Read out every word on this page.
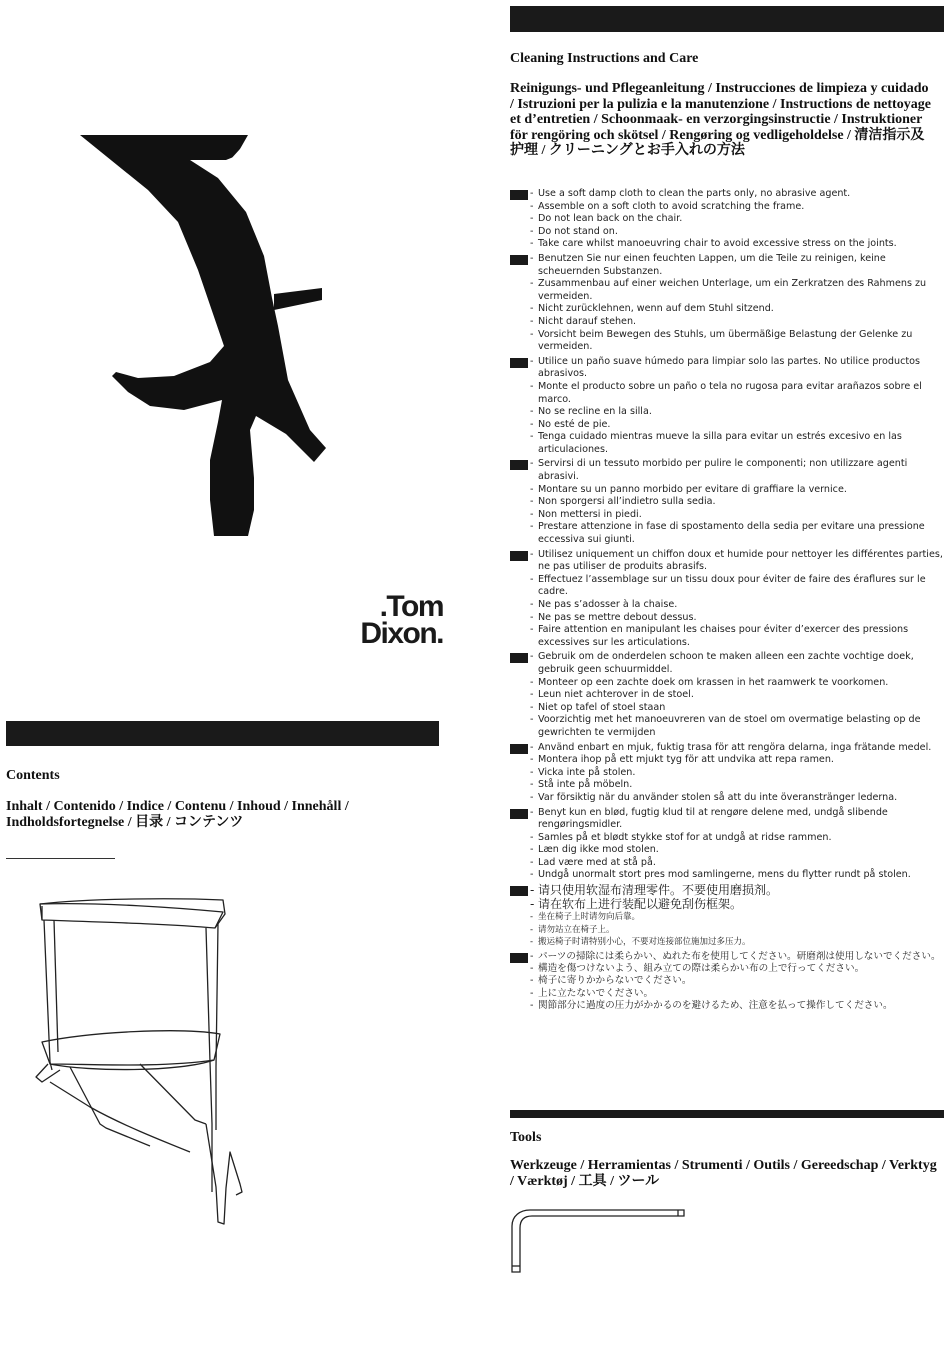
.Tom
Dixon.
Contents
Inhalt / Contenido / Indice / Contenu / Inhoud / Innehåll / Indholdsfortegnelse / 目录 / コンテンツ
Cleaning Instructions and Care
Reinigungs- und Pflegeanleitung / Instrucciones de limpieza y cuidado / Istruzioni per la pulizia e la manutenzione / Instructions de nettoyage et d’entretien / Schoonmaak- en verzorgingsinstructie / Instruktioner för rengöring och skötsel / Rengøring og vedligeholdelse / 清洁指示及护理 / クリーニングとお手入れの方法
- Use a soft damp cloth to clean the parts only, no abrasive agent.
- Assemble on a soft cloth to avoid scratching the frame.
- Do not lean back on the chair.
- Do not stand on.
- Take care whilst manoeuvring chair to avoid excessive stress on the joints.
- Benutzen Sie nur einen feuchten Lappen, um die Teile zu reinigen, keine scheuernden Substanzen.
- Zusammenbau auf einer weichen Unterlage, um ein Zerkratzen des Rahmens zu vermeiden.
- Nicht zurücklehnen, wenn auf dem Stuhl sitzend.
- Nicht darauf stehen.
- Vorsicht beim Bewegen des Stuhls, um übermäßige Belastung der Gelenke zu vermeiden.
- Utilice un paño suave húmedo para limpiar solo las partes. No utilice productos abrasivos.
- Monte el producto sobre un paño o tela no rugosa para evitar arañazos sobre el marco.
- No se recline en la silla.
- No esté de pie.
- Tenga cuidado mientras mueve la silla para evitar un estrés excesivo en las articulaciones.
- Servirsi di un tessuto morbido per pulire le componenti; non utilizzare agenti abrasivi.
- Montare su un panno morbido per evitare di graffiare la vernice.
- Non sporgersi all’indietro sulla sedia.
- Non mettersi in piedi.
- Prestare attenzione in fase di spostamento della sedia per evitare una pressione eccessiva sui giunti.
- Utilisez uniquement un chiffon doux et humide pour nettoyer les différentes parties, ne pas utiliser de produits abrasifs.
- Effectuez l’assemblage sur un tissu doux pour éviter de faire des éraflures sur le cadre.
- Ne pas s’adosser à la chaise.
- Ne pas se mettre debout dessus.
- Faire attention en manipulant les chaises pour éviter d’exercer des pressions excessives sur les articulations.
- Gebruik om de onderdelen schoon te maken alleen een zachte vochtige doek, gebruik geen schuurmiddel.
- Monteer op een zachte doek om krassen in het raamwerk te voorkomen.
- Leun niet achterover in de stoel.
- Niet op tafel of stoel staan
- Voorzichtig met het manoeuvreren van de stoel om overmatige belasting op de gewrichten te vermijden
- Använd enbart en mjuk, fuktig trasa för att rengöra delarna, inga frätande medel.
- Montera ihop på ett mjukt tyg för att undvika att repa ramen.
- Vicka inte på stolen.
- Stå inte på möbeln.
- Var försiktig när du använder stolen så att du inte överanstränger lederna.
- Benyt kun en blød, fugtig klud til at rengøre delene med, undgå slibende rengøringsmidler.
- Samles på et blødt stykke stof for at undgå at ridse rammen.
- Læn dig ikke mod stolen.
- Lad være med at stå på.
- Undgå unormalt stort pres mod samlingerne, mens du flytter rundt på stolen.
- 请只使用软湿布清理零件。不要使用磨损剂。
- 请在软布上进行装配以避免刮伤框架。
- 坐在椅子上时请勿向后靠。
- 请勿站立在椅子上。
- 搬运椅子时请特别小心，不要对连接部位施加过多压力。
- パーツの掃除には柔らかい、ぬれた布を使用してください。研磨剤は使用しないでください。
- 構造を傷つけないよう、組み立ての際は柔らかい布の上で行ってください。
- 椅子に寄りかからないでください。
- 上に立たないでください。
- 関節部分に過度の圧力がかかるのを避けるため、注意を払って操作してください。
Tools
Werkzeuge / Herramientas / Strumenti / Outils / Gereedschap / Verktyg / Værktøj / 工具 / ツール
